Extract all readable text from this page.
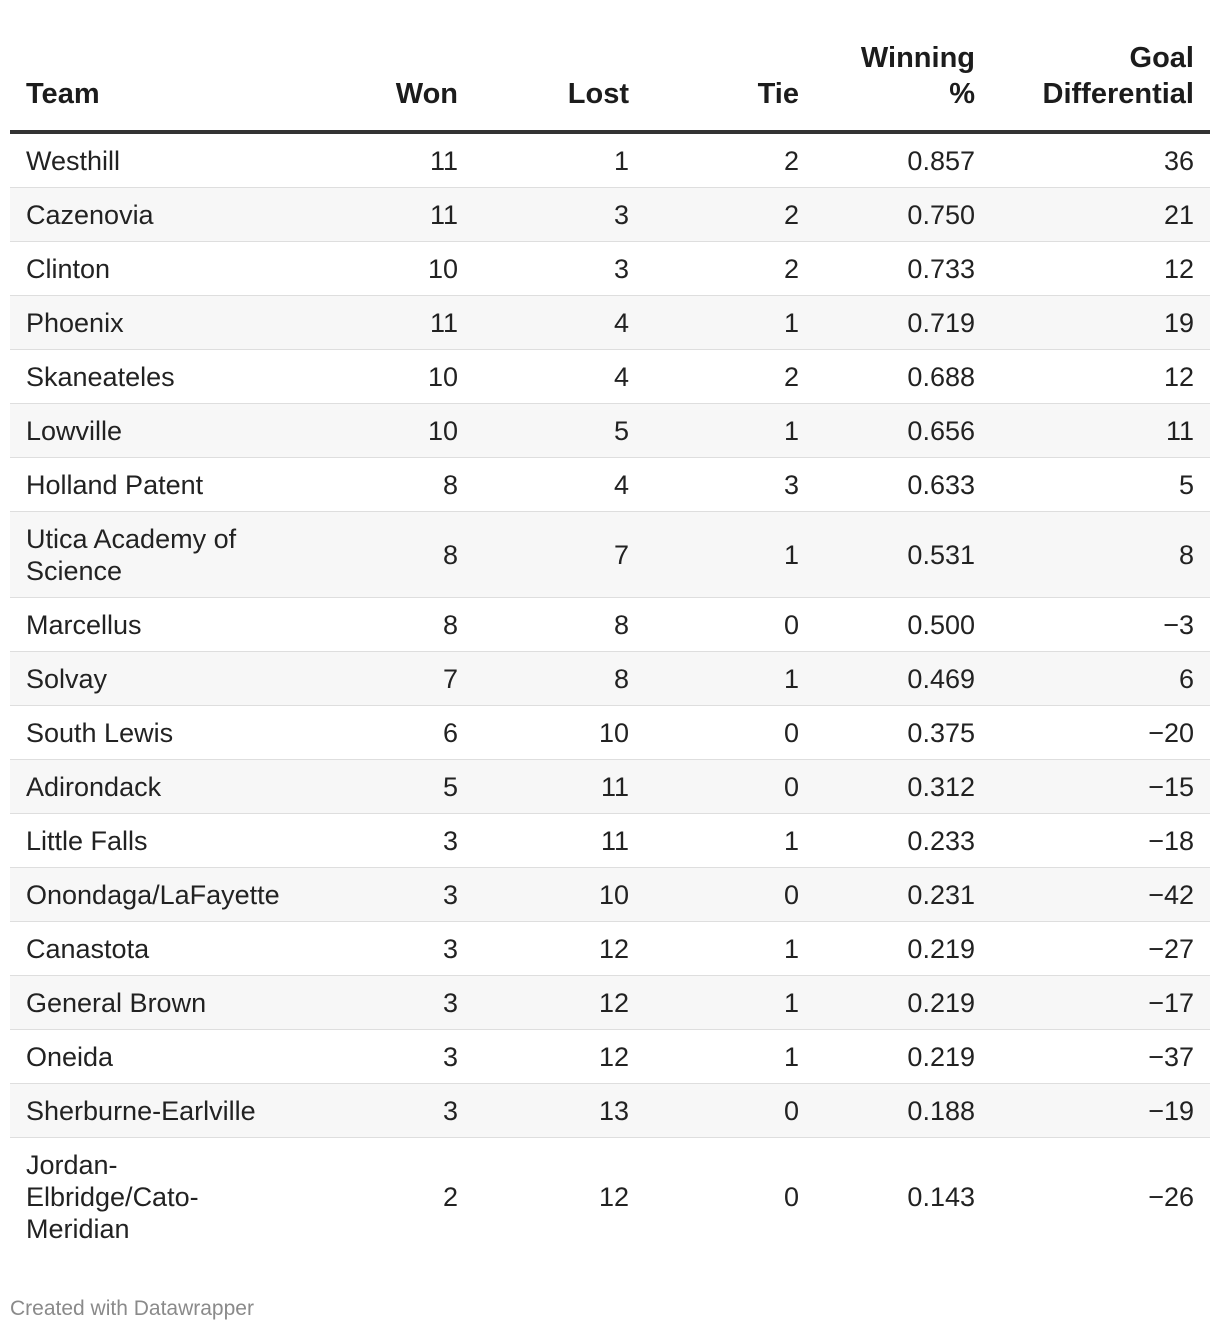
Team	Won	Lost	Tie	Winning %	Goal Differential
Westhill	11	1	2	0.857	36
Cazenovia	11	3	2	0.750	21
Clinton	10	3	2	0.733	12
Phoenix	11	4	1	0.719	19
Skaneateles	10	4	2	0.688	12
Lowville	10	5	1	0.656	11
Holland Patent	8	4	3	0.633	5
Utica Academy of Science	8	7	1	0.531	8
Marcellus	8	8	0	0.500	−3
Solvay	7	8	1	0.469	6
South Lewis	6	10	0	0.375	−20
Adirondack	5	11	0	0.312	−15
Little Falls	3	11	1	0.233	−18
Onondaga/LaFayette	3	10	0	0.231	−42
Canastota	3	12	1	0.219	−27
General Brown	3	12	1	0.219	−17
Oneida	3	12	1	0.219	−37
Sherburne-Earlville	3	13	0	0.188	−19
Jordan-Elbridge/Cato-Meridian	2	12	0	0.143	−26
Created with Datawrapper
